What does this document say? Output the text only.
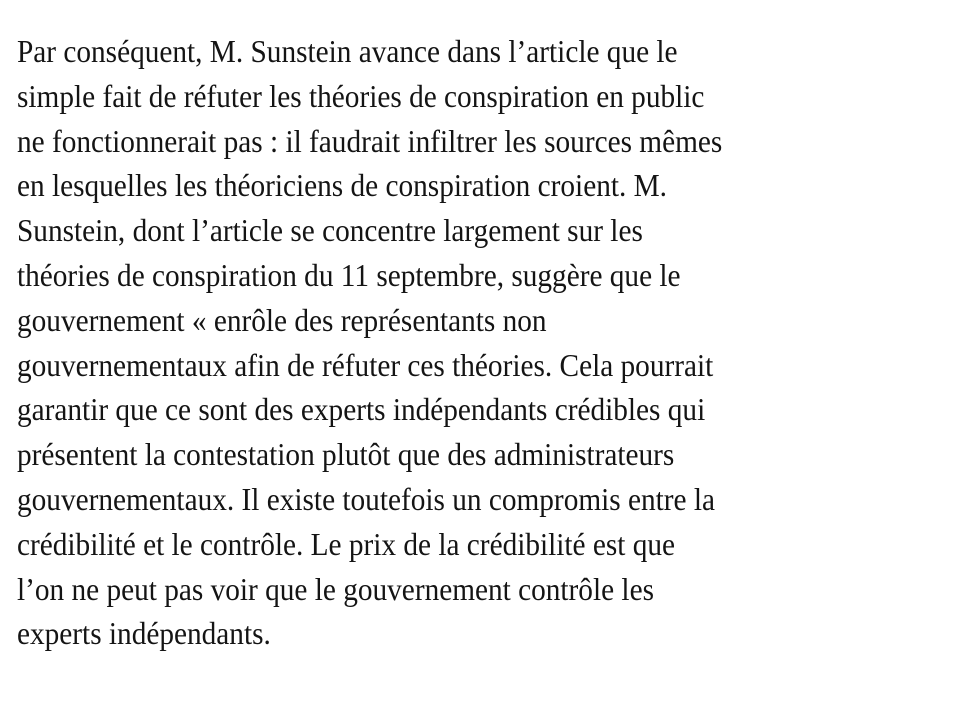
Par conséquent, M. Sunstein avance dans l’article que le
simple fait de réfuter les théories de conspiration en public
ne fonctionnerait pas : il faudrait infiltrer les sources mêmes
en lesquelles les théoriciens de conspiration croient. M.
Sunstein, dont l’article se concentre largement sur les
théories de conspiration du 11 septembre, suggère que le
gouvernement « enrôle des représentants non
gouvernementaux afin de réfuter ces théories. Cela pourrait
garantir que ce sont des experts indépendants crédibles qui
présentent la contestation plutôt que des administrateurs
gouvernementaux. Il existe toutefois un compromis entre la
crédibilité et le contrôle. Le prix de la crédibilité est que
l’on ne peut pas voir que le gouvernement contrôle les
experts indépendants.
